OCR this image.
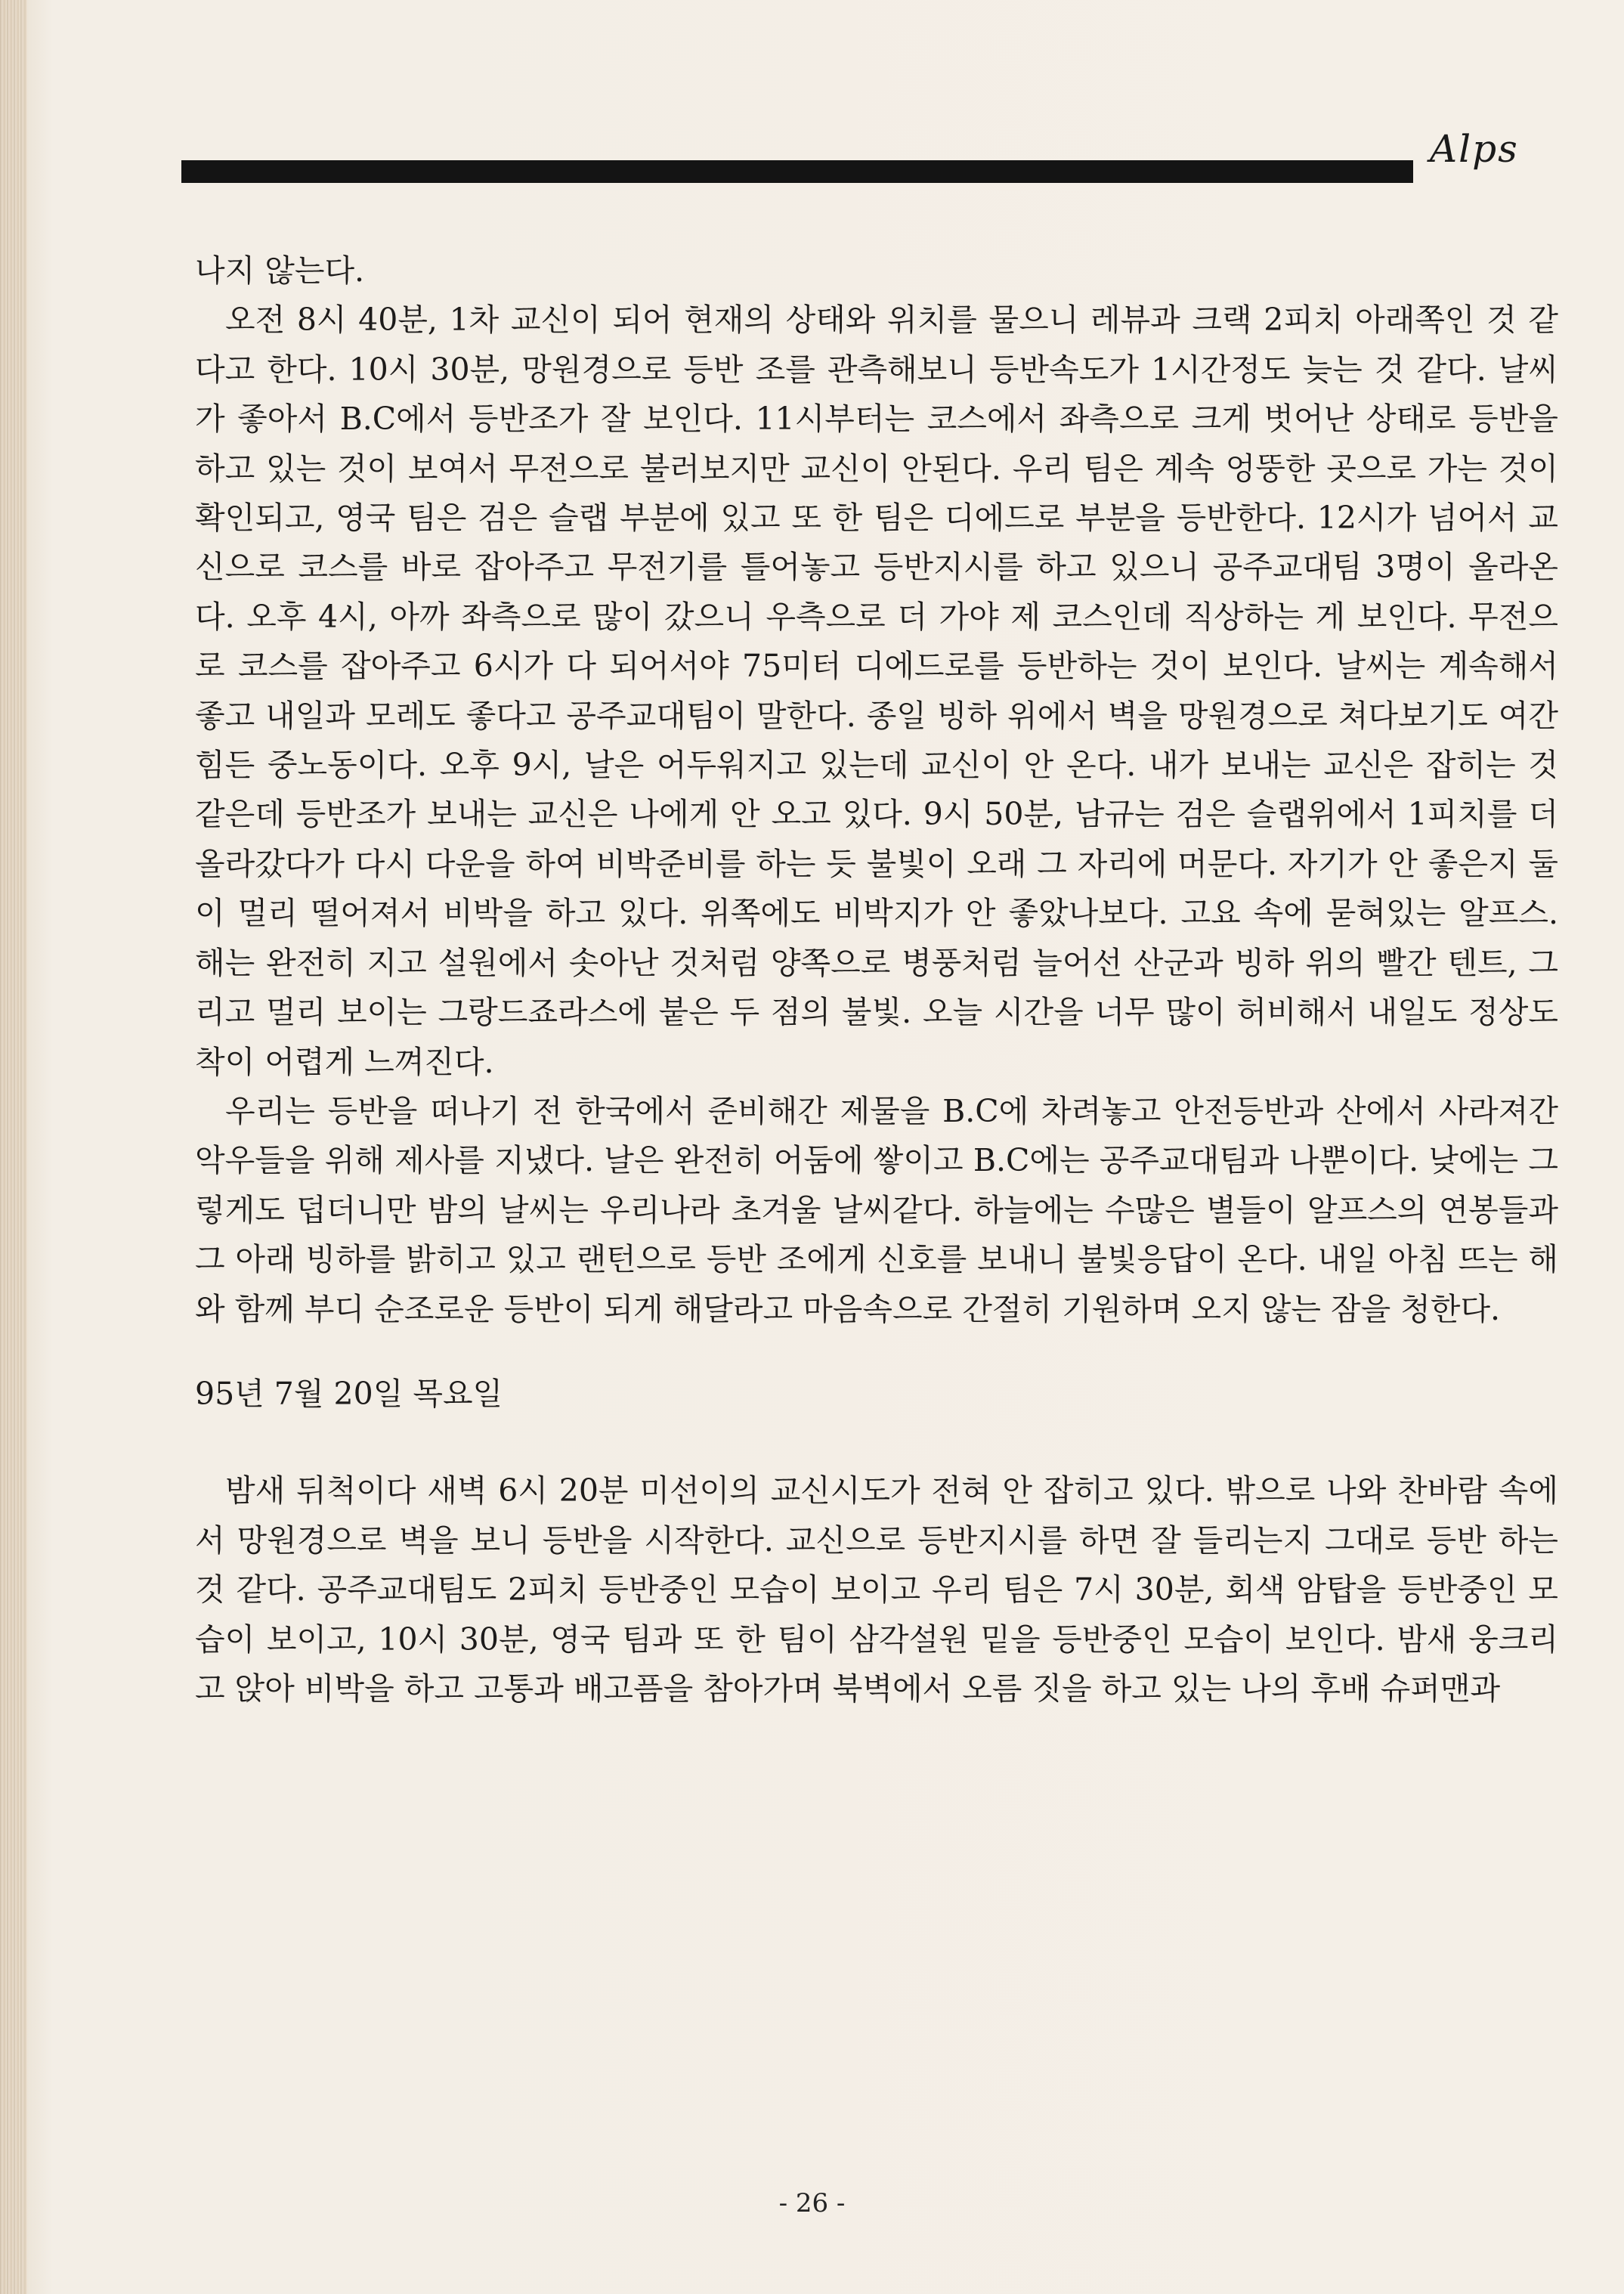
Alps

나지 않는다.

오전 8시 40분, 1차 교신이 되어 현재의 상태와 위치를 물으니 레뷰과 크랙 2피치 아래쪽인 것 같다고 한다. 10시 30분, 망원경으로 등반 조를 관측해보니 등반속도가 1시간정도 늦는 것 같다. 날씨가 좋아서 B.C에서 등반조가 잘 보인다. 11시부터는 코스에서 좌측으로 크게 벗어난 상태로 등반을 하고 있는 것이 보여서 무전으로 불러보지만 교신이 안된다. 우리 팀은 계속 엉뚱한 곳으로 가는 것이 확인되고, 영국 팀은 검은 슬랩 부분에 있고 또 한 팀은 디에드로 부분을 등반한다. 12시가 넘어서 교신으로 코스를 바로 잡아주고 무전기를 틀어놓고 등반지시를 하고 있으니 공주교대팀 3명이 올라온다. 오후 4시, 아까 좌측으로 많이 갔으니 우측으로 더 가야 제 코스인데 직상하는 게 보인다. 무전으로 코스를 잡아주고 6시가 다 되어서야 75미터 디에드로를 등반하는 것이 보인다. 날씨는 계속해서 좋고 내일과 모레도 좋다고 공주교대팀이 말한다. 종일 빙하 위에서 벽을 망원경으로 쳐다보기도 여간 힘든 중노동이다. 오후 9시, 날은 어두워지고 있는데 교신이 안 온다. 내가 보내는 교신은 잡히는 것 같은데 등반조가 보내는 교신은 나에게 안 오고 있다. 9시 50분, 남규는 검은 슬랩위에서 1피치를 더 올라갔다가 다시 다운을 하여 비박준비를 하는 듯 불빛이 오래 그 자리에 머문다. 자기가 안 좋은지 둘이 멀리 떨어져서 비박을 하고 있다. 위쪽에도 비박지가 안 좋았나보다. 고요 속에 묻혀있는 알프스. 해는 완전히 지고 설원에서 솟아난 것처럼 양쪽으로 병풍처럼 늘어선 산군과 빙하 위의 빨간 텐트, 그리고 멀리 보이는 그랑드죠라스에 붙은 두 점의 불빛. 오늘 시간을 너무 많이 허비해서 내일도 정상도착이 어렵게 느껴진다.

우리는 등반을 떠나기 전 한국에서 준비해간 제물을 B.C에 차려놓고 안전등반과 산에서 사라져간 악우들을 위해 제사를 지냈다. 날은 완전히 어둠에 쌓이고 B.C에는 공주교대팀과 나뿐이다. 낮에는 그렇게도 덥더니만 밤의 날씨는 우리나라 초겨울 날씨같다. 하늘에는 수많은 별들이 알프스의 연봉들과 그 아래 빙하를 밝히고 있고 랜턴으로 등반 조에게 신호를 보내니 불빛응답이 온다. 내일 아침 뜨는 해와 함께 부디 순조로운 등반이 되게 해달라고 마음속으로 간절히 기원하며 오지 않는 잠을 청한다.

95년 7월 20일 목요일

밤새 뒤척이다 새벽 6시 20분 미선이의 교신시도가 전혀 안 잡히고 있다. 밖으로 나와 찬바람 속에서 망원경으로 벽을 보니 등반을 시작한다. 교신으로 등반지시를 하면 잘 들리는지 그대로 등반 하는 것 같다. 공주교대팀도 2피치 등반중인 모습이 보이고 우리 팀은 7시 30분, 회색 암탑을 등반중인 모습이 보이고, 10시 30분, 영국 팀과 또 한 팀이 삼각설원 밑을 등반중인 모습이 보인다. 밤새 웅크리고 앉아 비박을 하고 고통과 배고픔을 참아가며 북벽에서 오름 짓을 하고 있는 나의 후배 슈퍼맨과

- 26 -
